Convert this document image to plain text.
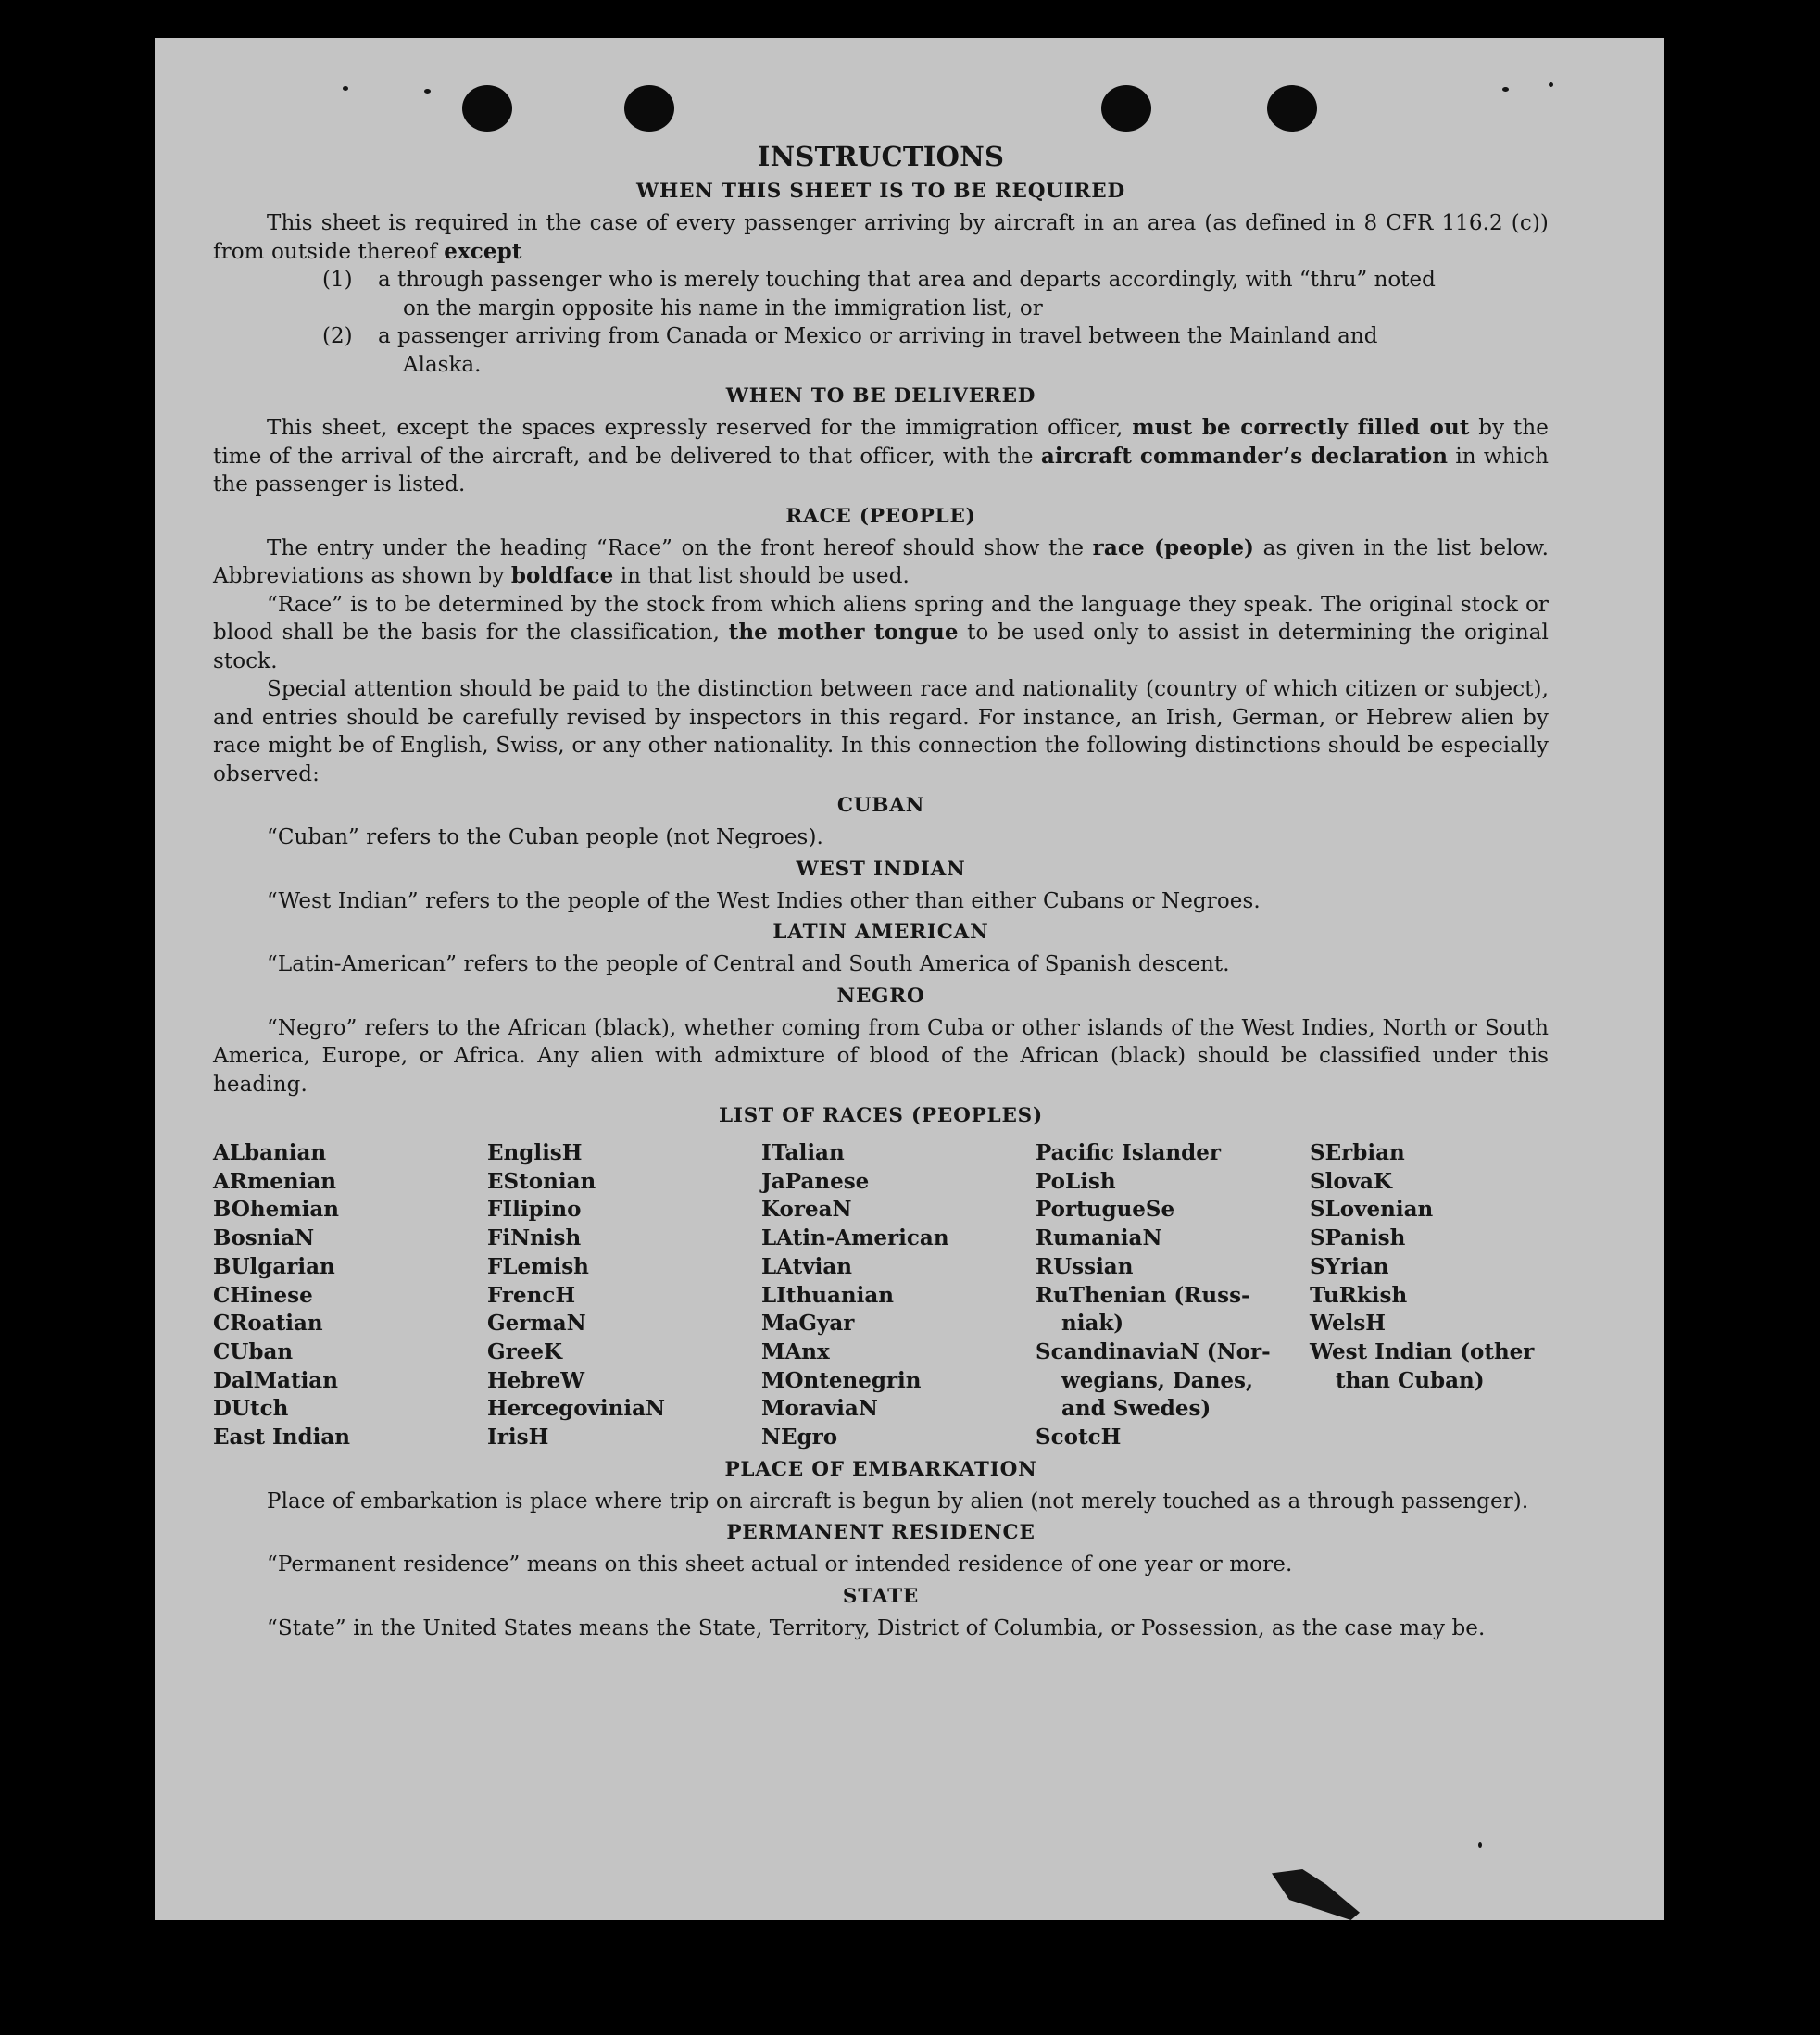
INSTRUCTIONS
WHEN THIS SHEET IS TO BE REQUIRED

This sheet is required in the case of every passenger arriving by aircraft in an area (as defined in 8 CFR 116.2 (c)) from outside thereof except

(1)	a through passenger who is merely touching that area and departs accordingly, with “thru” noted
on the margin opposite his name in the immigration list, or
(2)	a passenger arriving from Canada or Mexico or arriving in travel between the Mainland and
Alaska.
WHEN TO BE DELIVERED

This sheet, except the spaces expressly reserved for the immigration officer, must be correctly filled out by the time of the arrival of the aircraft, and be delivered to that officer, with the aircraft commander’s declaration in which the passenger is listed.

RACE (PEOPLE)

The entry under the heading “Race” on the front hereof should show the race (people) as given in the list below. Abbreviations as shown by boldface in that list should be used.

“Race” is to be determined by the stock from which aliens spring and the language they speak. The original stock or blood shall be the basis for the classification, the mother tongue to be used only to assist in determining the original stock.

Special attention should be paid to the distinction between race and nationality (country of which citizen or subject), and entries should be carefully revised by inspectors in this regard. For instance, an Irish, German, or Hebrew alien by race might be of English, Swiss, or any other nationality. In this connection the following distinctions should be especially observed:

CUBAN

“Cuban” refers to the Cuban people (not Negroes).

WEST INDIAN

“West Indian” refers to the people of the West Indies other than either Cubans or Negroes.

LATIN AMERICAN

“Latin-American” refers to the people of Central and South America of Spanish descent.

NEGRO

“Negro” refers to the African (black), whether coming from Cuba or other islands of the West Indies, North or South America, Europe, or Africa. Any alien with admixture of blood of the African (black) should be classified under this heading.

LIST OF RACES (PEOPLES)
ALbanian
ARmenian
BOhemian
BosniaN
BUlgarian
CHinese
CRoatian
CUban
DalMatian
DUtch
East Indian
EnglisH
EStonian
FIlipino
FiNnish
FLemish
FrencH
GermaN
GreeK
HebreW
HercegoviniaN
IrisH
ITalian
JaPanese
KoreaN
LAtin-American
LAtvian
LIthuanian
MaGyar
MAnx
MOntenegrin
MoraviaN
NEgro
Pacific Islander
PoLish
PortugueSe
RumaniaN
RUssian
RuThenian (Russ-
niak)
ScandinaviaN (Nor-
wegians, Danes,
and Swedes)
ScotcH
SErbian
SlovaK
SLovenian
SPanish
SYrian
TuRkish
WelsH
West Indian (other
than Cuban)
PLACE OF EMBARKATION

Place of embarkation is place where trip on aircraft is begun by alien (not merely touched as a through passenger).

PERMANENT RESIDENCE

“Permanent residence” means on this sheet actual or intended residence of one year or more.

STATE

“State” in the United States means the State, Territory, District of Columbia, or Possession, as the case may be.
